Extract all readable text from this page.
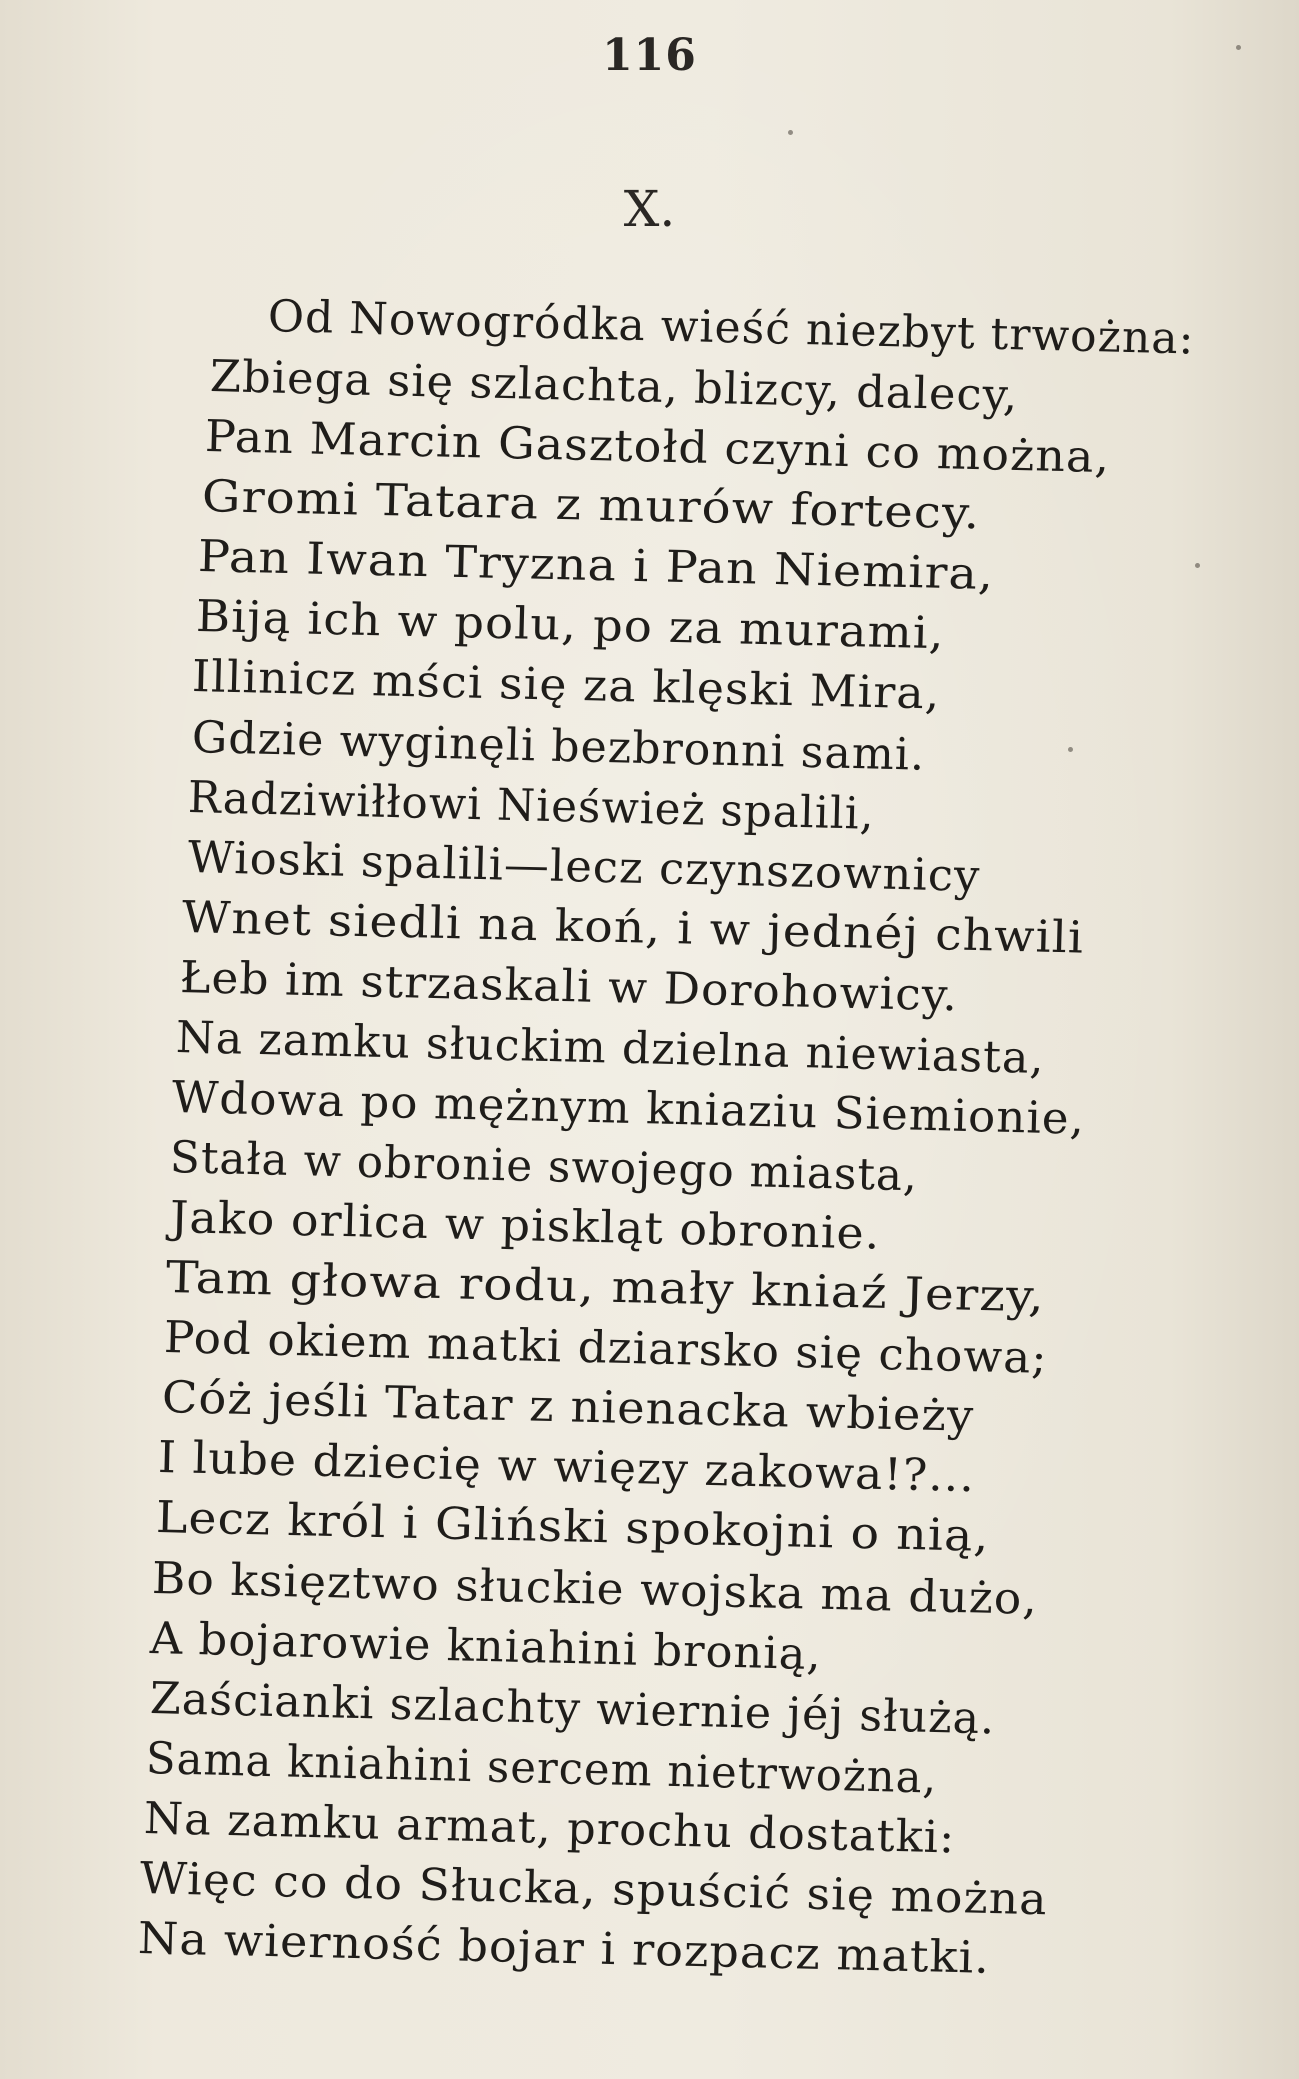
116
X.
Od Nowogródka wieść niezbyt trwożna:
Zbiega się szlachta, blizcy, dalecy,
Pan Marcin Gasztołd czyni co można,
Gromi Tatara z murów fortecy.
Pan Iwan Tryzna i Pan Niemira,
Biją ich w polu, po za murami,
Illinicz mści się za klęski Mira,
Gdzie wyginęli bezbronni sami.
Radziwiłłowi Nieśwież spalili,
Wioski spalili—lecz czynszownicy
Wnet siedli na koń, i w jednéj chwili
Łeb im strzaskali w Dorohowicy.
Na zamku słuckim dzielna niewiasta,
Wdowa po mężnym kniaziu Siemionie,
Stała w obronie swojego miasta,
Jako orlica w piskląt obronie.
Tam głowa rodu, mały kniaź Jerzy,
Pod okiem matki dziarsko się chowa;
Cóż jeśli Tatar z nienacka wbieży
I lube dziecię w więzy zakowa!?...
Lecz król i Gliński spokojni o nią,
Bo księztwo słuckie wojska ma dużo,
A bojarowie kniahini bronią,
Zaścianki szlachty wiernie jéj służą.
Sama kniahini sercem nietrwożna,
Na zamku armat, prochu dostatki:
Więc co do Słucka, spuścić się można
Na wierność bojar i rozpacz matki.
